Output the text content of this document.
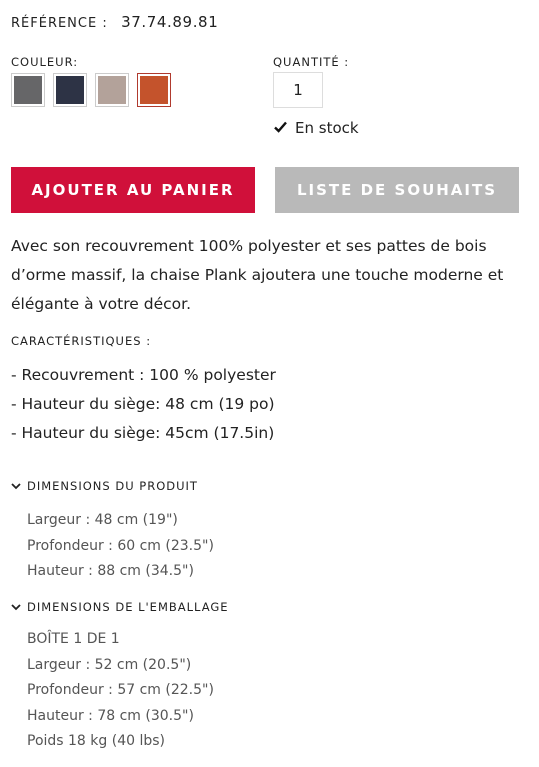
RÉFÉRENCE : 37.74.89.81
COULEUR:	QUANTITÉ :
1
En stock
AJOUTER AU PANIER	LISTE DE SOUHAITS
Avec son recouvrement 100% polyester et ses pattes de bois d’orme massif, la chaise Plank ajoutera une touche moderne et élégante à votre décor.
CARACTÉRISTIQUES :
- Recouvrement : 100 % polyester
- Hauteur du siège: 48 cm (19 po)
- Hauteur du siège: 45cm (17.5in)
DIMENSIONS DU PRODUIT
Largeur : 48 cm (19")
Profondeur : 60 cm (23.5")
Hauteur : 88 cm (34.5")
DIMENSIONS DE L'EMBALLAGE
BOÎTE 1 DE 1
Largeur : 52 cm (20.5")
Profondeur : 57 cm (22.5")
Hauteur : 78 cm (30.5")
Poids 18 kg (40 lbs)
